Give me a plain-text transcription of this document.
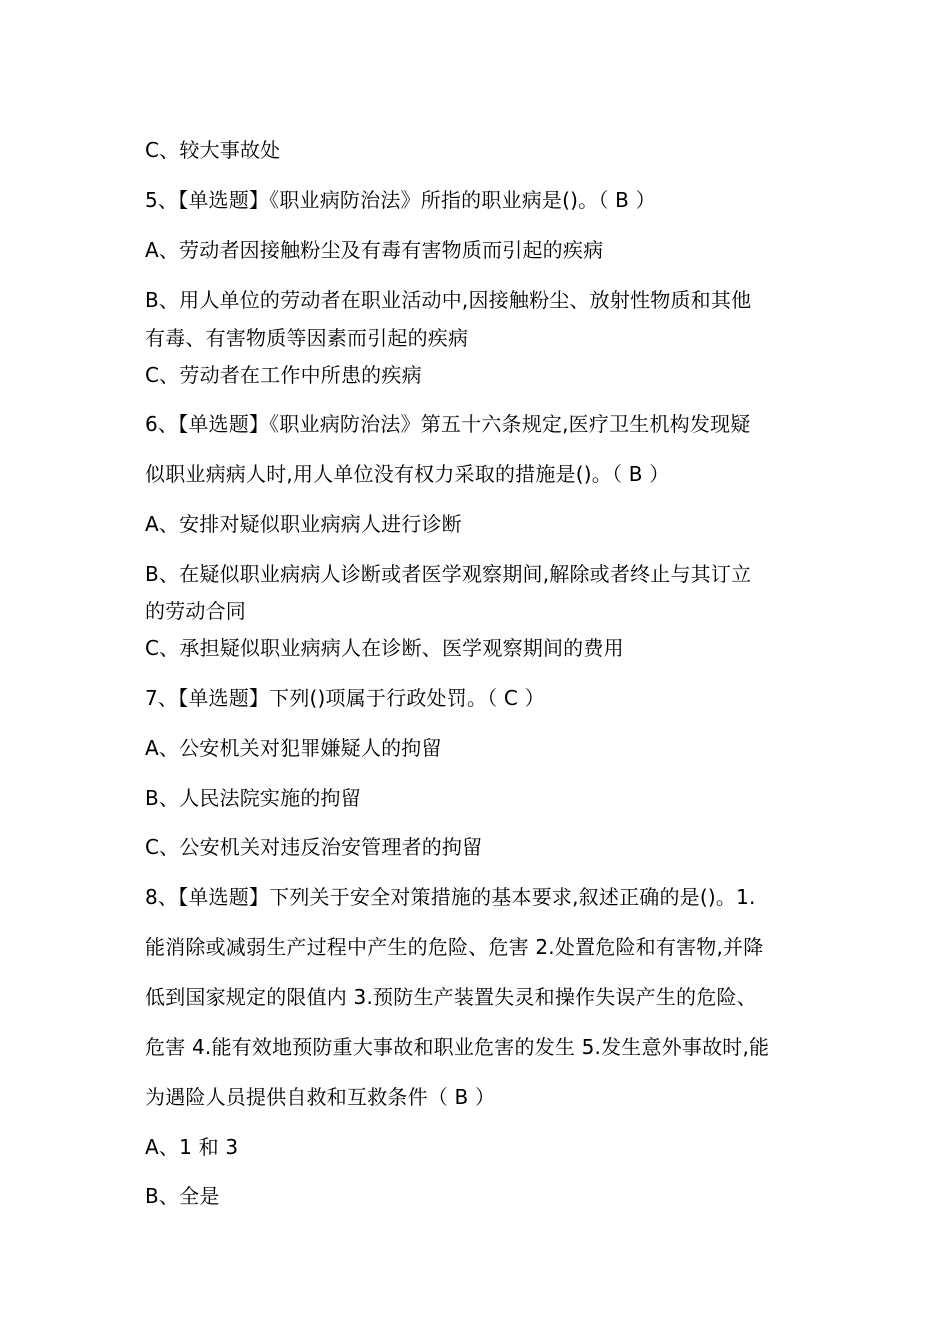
C、较大事故处
5、【单选题】《职业病防治法》所指的职业病是()。（ B ）
A、劳动者因接触粉尘及有毒有害物质而引起的疾病
B、用人单位的劳动者在职业活动中,因接触粉尘、放射性物质和其他
有毒、有害物质等因素而引起的疾病
C、劳动者在工作中所患的疾病
6、【单选题】《职业病防治法》第五十六条规定,医疗卫生机构发现疑
似职业病病人时,用人单位没有权力采取的措施是()。（ B ）
A、安排对疑似职业病病人进行诊断
B、在疑似职业病病人诊断或者医学观察期间,解除或者终止与其订立
的劳动合同
C、承担疑似职业病病人在诊断、医学观察期间的费用
7、【单选题】下列()项属于行政处罚。（ C ）
A、公安机关对犯罪嫌疑人的拘留
B、人民法院实施的拘留
C、公安机关对违反治安管理者的拘留
8、【单选题】下列关于安全对策措施的基本要求,叙述正确的是()。1.
能消除或减弱生产过程中产生的危险、危害 2.处置危险和有害物,并降
低到国家规定的限值内 3.预防生产装置失灵和操作失误产生的危险、
危害 4.能有效地预防重大事故和职业危害的发生 5.发生意外事故时,能
为遇险人员提供自救和互救条件（ B ）
A、1 和 3
B、全是
